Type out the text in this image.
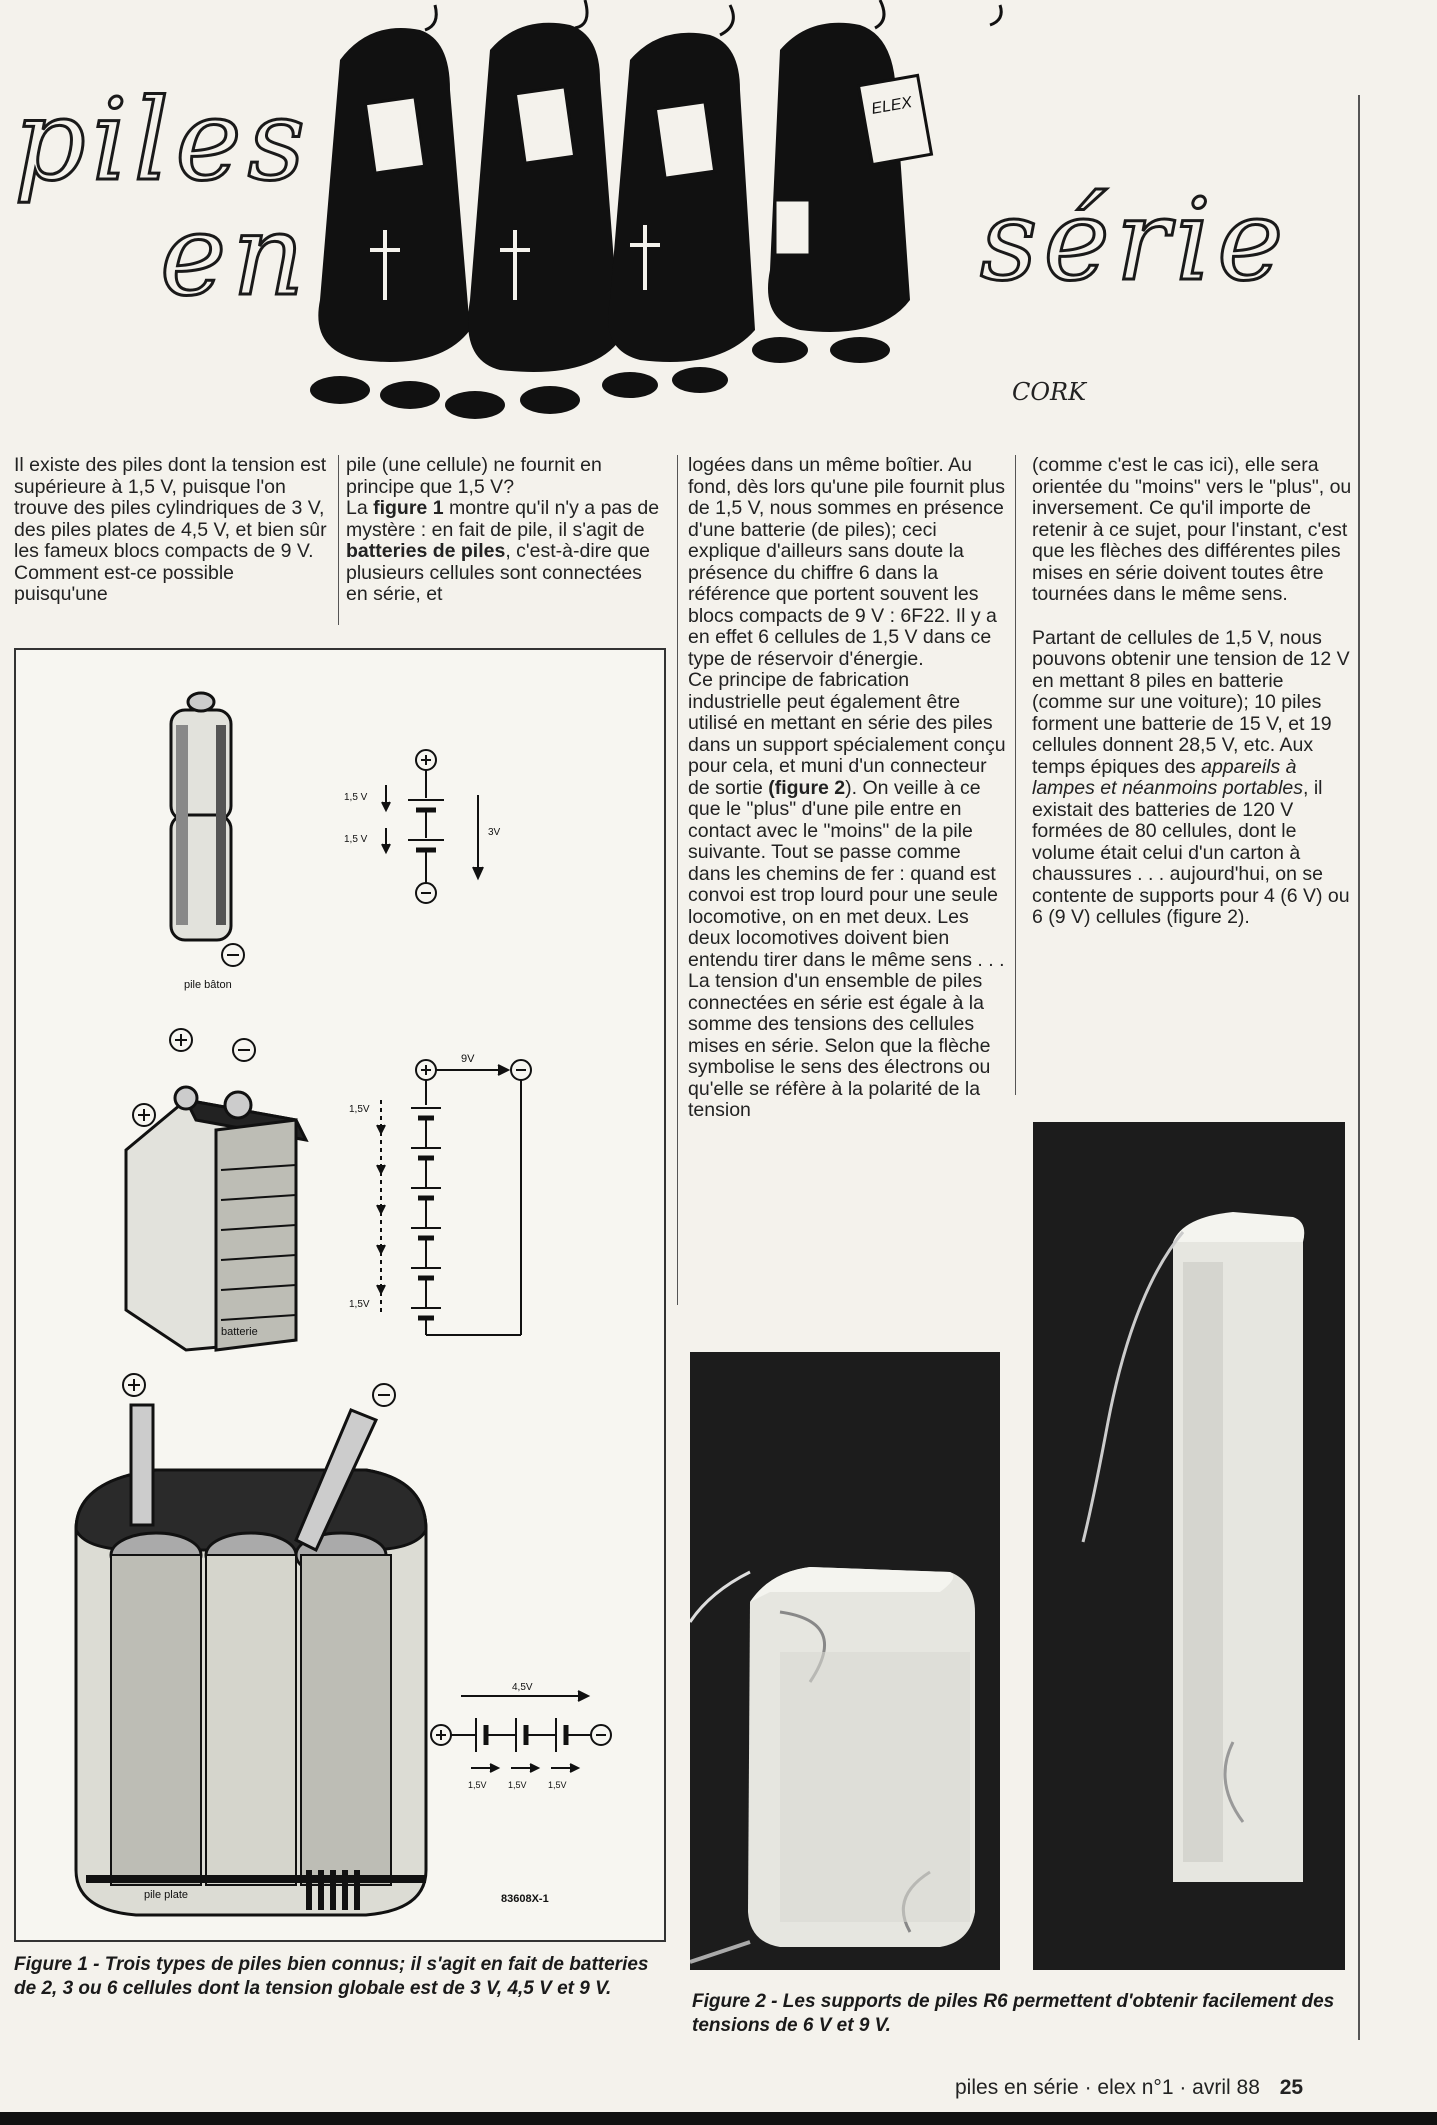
piles
en	série
ELEX
CORK

Il existe des piles dont la tension est supérieure à 1,5 V, puisque l'on trouve des piles cylindriques de 3 V, des piles plates de 4,5 V, et bien sûr les fameux blocs compacts de 9 V. Comment est-ce possible puisqu'une

pile (une cellule) ne fournit en principe que 1,5 V?

La figure 1 montre qu'il n'y a pas de mystère : en fait de pile, il s'agit de batteries de piles, c'est-à-dire que plusieurs cellules sont connectées en série, et

logées dans un même boîtier. Au fond, dès lors qu'une pile fournit plus de 1,5 V, nous sommes en présence d'une batterie (de piles); ceci explique d'ailleurs sans doute la présence du chiffre 6 dans la référence que portent souvent les blocs compacts de 9 V : 6F22. Il y a en effet 6 cellules de 1,5 V dans ce type de réservoir d'énergie.

Ce principe de fabrication industrielle peut également être utilisé en mettant en série des piles dans un support spécialement conçu pour cela, et muni d'un connecteur de sortie (figure 2). On veille à ce que le "plus" d'une pile entre en contact avec le "moins" de la pile suivante. Tout se passe comme dans les chemins de fer : quand est convoi est trop lourd pour une seule locomotive, on en met deux. Les deux locomotives doivent bien entendu tirer dans le même sens . . .

La tension d'un ensemble de piles connectées en série est égale à la somme des tensions des cellules mises en série. Selon que la flèche symbolise le sens des électrons ou qu'elle se réfère à la polarité de la tension

(comme c'est le cas ici), elle sera orientée du "moins" vers le "plus", ou inversement. Ce qu'il importe de retenir à ce sujet, pour l'instant, c'est que les flèches des différentes piles mises en série doivent toutes être tournées dans le même sens.

Partant de cellules de 1,5 V, nous pouvons obtenir une tension de 12 V en mettant 8 piles en batterie (comme sur une voiture); 10 piles forment une batterie de 15 V, et 19 cellules donnent 28,5 V, etc. Aux temps épiques des appareils à lampes et néanmoins portables, il existait des batteries de 120 V formées de 80 cellules, dont le volume était celui d'un carton à chaussures . . . aujourd'hui, on se contente de supports pour 4 (6 V) ou 6 (9 V) cellules (figure 2).

pile bâton
1,5 V
1,5 V
3V
batterie
9V
1,5V
1,5V
pile plate	83608X-1
4,5V
1,5V 1,5V 1,5V
Figure 1 - Trois types de piles bien connus; il s'agit en fait de batteries de 2, 3 ou 6 cellules dont la tension globale est de 3 V, 4,5 V et 9 V.
Figure 2 - Les supports de piles R6 permettent d'obtenir facilement des tensions de 6 V et 9 V.
piles en série · elex n°1 · avril 88 25
